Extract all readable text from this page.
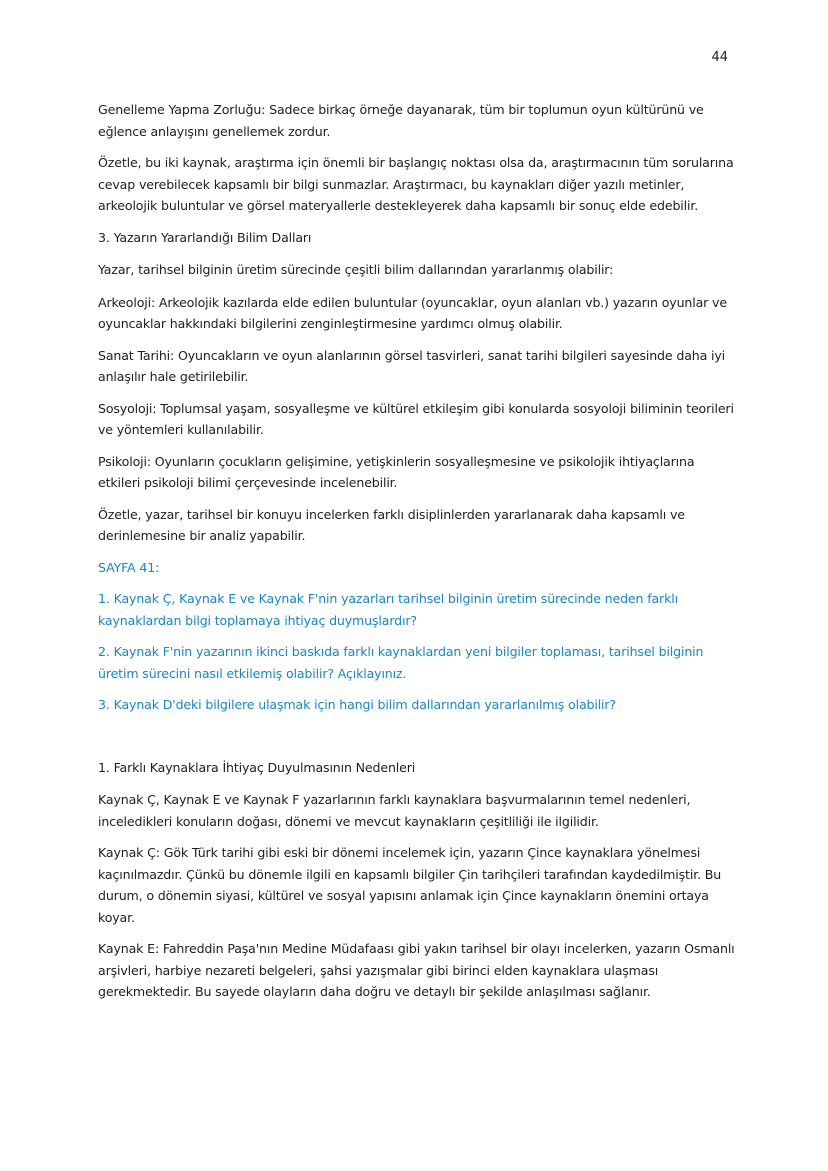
44

Genelleme Yapma Zorluğu: Sadece birkaç örneğe dayanarak, tüm bir toplumun oyun kültürünü ve eğlence anlayışını genellemek zordur.

Özetle, bu iki kaynak, araştırma için önemli bir başlangıç noktası olsa da, araştırmacının tüm sorularına cevap verebilecek kapsamlı bir bilgi sunmazlar. Araştırmacı, bu kaynakları diğer yazılı metinler, arkeolojik buluntular ve görsel materyallerle destekleyerek daha kapsamlı bir sonuç elde edebilir.

3. Yazarın Yararlandığı Bilim Dalları

Yazar, tarihsel bilginin üretim sürecinde çeşitli bilim dallarından yararlanmış olabilir:

Arkeoloji: Arkeolojik kazılarda elde edilen buluntular (oyuncaklar, oyun alanları vb.) yazarın oyunlar ve oyuncaklar hakkındaki bilgilerini zenginleştirmesine yardımcı olmuş olabilir.

Sanat Tarihi: Oyuncakların ve oyun alanlarının görsel tasvirleri, sanat tarihi bilgileri sayesinde daha iyi anlaşılır hale getirilebilir.

Sosyoloji: Toplumsal yaşam, sosyalleşme ve kültürel etkileşim gibi konularda sosyoloji biliminin teorileri ve yöntemleri kullanılabilir.

Psikoloji: Oyunların çocukların gelişimine, yetişkinlerin sosyalleşmesine ve psikolojik ihtiyaçlarına etkileri psikoloji bilimi çerçevesinde incelenebilir.

Özetle, yazar, tarihsel bir konuyu incelerken farklı disiplinlerden yararlanarak daha kapsamlı ve derinlemesine bir analiz yapabilir.

SAYFA 41:

1. Kaynak Ç, Kaynak E ve Kaynak F'nin yazarları tarihsel bilginin üretim sürecinde neden farklı kaynaklardan bilgi toplamaya ihtiyaç duymuşlardır?

2. Kaynak F'nin yazarının ikinci baskıda farklı kaynaklardan yeni bilgiler toplaması, tarihsel bilginin üretim sürecini nasıl etkilemiş olabilir? Açıklayınız.

3. Kaynak D'deki bilgilere ulaşmak için hangi bilim dallarından yararlanılmış olabilir?

1. Farklı Kaynaklara İhtiyaç Duyulmasının Nedenleri

Kaynak Ç, Kaynak E ve Kaynak F yazarlarının farklı kaynaklara başvurmalarının temel nedenleri, inceledikleri konuların doğası, dönemi ve mevcut kaynakların çeşitliliği ile ilgilidir.

Kaynak Ç: Gök Türk tarihi gibi eski bir dönemi incelemek için, yazarın Çince kaynaklara yönelmesi kaçınılmazdır. Çünkü bu dönemle ilgili en kapsamlı bilgiler Çin tarihçileri tarafından kaydedilmiştir. Bu durum, o dönemin siyasi, kültürel ve sosyal yapısını anlamak için Çince kaynakların önemini ortaya koyar.

Kaynak E: Fahreddin Paşa'nın Medine Müdafaası gibi yakın tarihsel bir olayı incelerken, yazarın Osmanlı arşivleri, harbiye nezareti belgeleri, şahsi yazışmalar gibi birinci elden kaynaklara ulaşması gerekmektedir. Bu sayede olayların daha doğru ve detaylı bir şekilde anlaşılması sağlanır.
